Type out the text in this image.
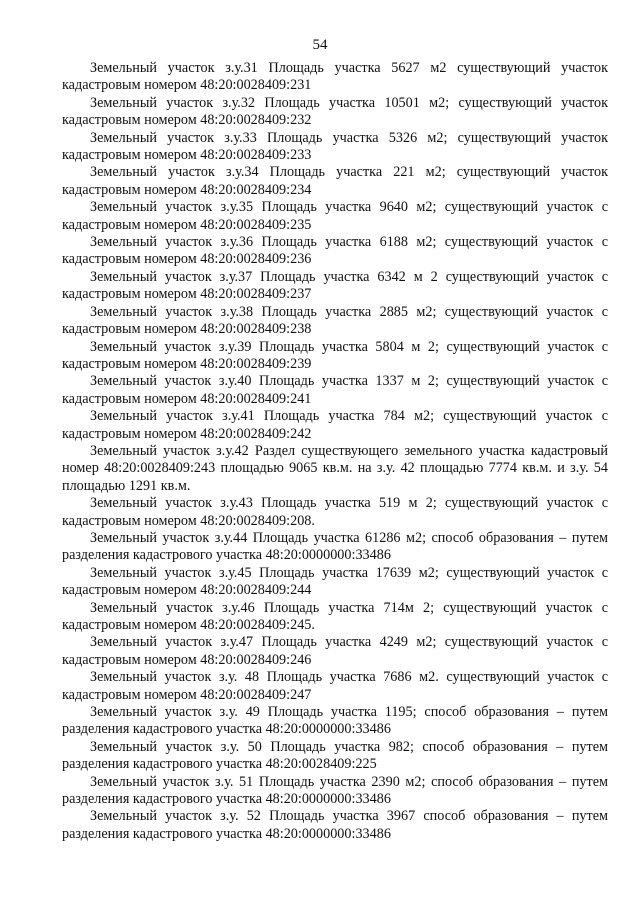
54

Земельный участок з.у.31 Площадь участка 5627 м2 существующий участок кадастровым номером 48:20:0028409:231

Земельный участок з.у.32 Площадь участка 10501 м2; существующий участок кадастровым номером 48:20:0028409:232

Земельный участок з.у.33 Площадь участка 5326 м2; существующий участок кадастровым номером 48:20:0028409:233

Земельный участок з.у.34 Площадь участка 221 м2; существующий участок кадастровым номером 48:20:0028409:234

Земельный участок з.у.35 Площадь участка 9640 м2; существующий участок с кадастровым номером 48:20:0028409:235

Земельный участок з.у.36 Площадь участка 6188 м2; существующий участок с кадастровым номером 48:20:0028409:236

Земельный участок з.у.37 Площадь участка 6342 м 2 существующий участок с кадастровым номером 48:20:0028409:237

Земельный участок з.у.38 Площадь участка 2885 м2; существующий участок с кадастровым номером 48:20:0028409:238

Земельный участок з.у.39 Площадь участка 5804 м 2; существующий участок с кадастровым номером 48:20:0028409:239

Земельный участок з.у.40 Площадь участка 1337 м 2; существующий участок с кадастровым номером 48:20:0028409:241

Земельный участок з.у.41 Площадь участка 784 м2; существующий участок с кадастровым номером 48:20:0028409:242

Земельный участок з.у.42 Раздел существующего земельного участка кадастровый номер 48:20:0028409:243 площадью 9065 кв.м. на з.у. 42 площадью 7774 кв.м. и з.у. 54 площадью 1291 кв.м.

Земельный участок з.у.43 Площадь участка 519 м 2; существующий участок с кадастровым номером 48:20:0028409:208.

Земельный участок з.у.44 Площадь участка 61286 м2; способ образования – путем разделения кадастрового участка 48:20:0000000:33486

Земельный участок з.у.45 Площадь участка 17639 м2; существующий участок с кадастровым номером 48:20:0028409:244

Земельный участок з.у.46 Площадь участка 714м 2; существующий участок с кадастровым номером 48:20:0028409:245.

Земельный участок з.у.47 Площадь участка 4249 м2; существующий участок с кадастровым номером 48:20:0028409:246

Земельный участок з.у. 48 Площадь участка 7686 м2. существующий участок с кадастровым номером 48:20:0028409:247

Земельный участок з.у. 49 Площадь участка 1195; способ образования – путем разделения кадастрового участка 48:20:0000000:33486

Земельный участок з.у. 50 Площадь участка 982; способ образования – путем разделения кадастрового участка 48:20:0028409:225

Земельный участок з.у. 51 Площадь участка 2390 м2; способ образования – путем разделения кадастрового участка 48:20:0000000:33486

Земельный участок з.у. 52 Площадь участка 3967 способ образования – путем разделения кадастрового участка 48:20:0000000:33486
